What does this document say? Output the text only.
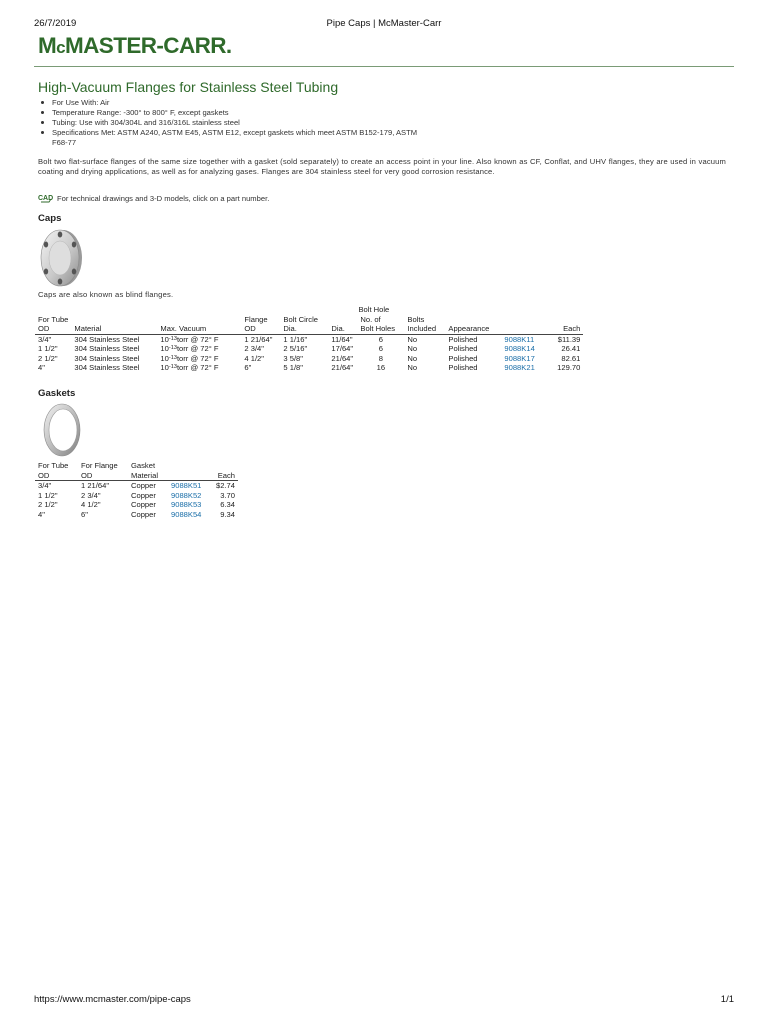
26/7/2019	Pipe Caps | McMaster-Carr
McMASTER-CARR.
High-Vacuum Flanges for Stainless Steel Tubing
For Use With: Air
Temperature Range: -300° to 800° F, except gaskets
Tubing: Use with 304/304L and 316/316L stainless steel
Specifications Met: ASTM A240, ASTM E45, ASTM E12, except gaskets which meet ASTM B152-179, ASTM F68-77
Bolt two flat-surface flanges of the same size together with a gasket (sold separately) to create an access point in your line. Also known as CF, Conflat, and UHV flanges, they are used in vacuum coating and drying applications, as well as for analyzing gases. Flanges are 304 stainless steel for very good corrosion resistance.
CAD For technical drawings and 3-D models, click on a part number.
Caps
Caps are also known as blind flanges.
					Bolt Hole					
For Tube			Flange	Bolt Circle		No. of	Bolts			
OD	Material	Max. Vacuum	OD	Dia.	Dia.	Bolt Holes	Included	Appearance		Each
3/4"	304 Stainless Steel	$10^{-13}torr$ @ 72° F	1 21/64"	1 1/16"	11/64"	6	No	Polished	9088K11	$11.39
1 1/2"	304 Stainless Steel	$10^{-13}torr$ @ 72° F	2 3/4"	2 5/16"	17/64"	6	No	Polished	9088K14	26.41
2 1/2"	304 Stainless Steel	$10^{-13}torr$ @ 72° F	4 1/2"	3 5/8"	21/64"	8	No	Polished	9088K17	82.61
4"	304 Stainless Steel	$10^{-13}torr$ @ 72° F	6"	5 1/8"	21/64"	16	No	Polished	9088K21	129.70
Gaskets
For Tube	For Flange	Gasket		
OD	OD	Material		Each
3/4"	1 21/64"	Copper	9088K51	$2.74
1 1/2"	2 3/4"	Copper	9088K52	3.70
2 1/2"	4 1/2"	Copper	9088K53	6.34
4"	6"	Copper	9088K54	9.34
https://www.mcmaster.com/pipe-caps	1/1
